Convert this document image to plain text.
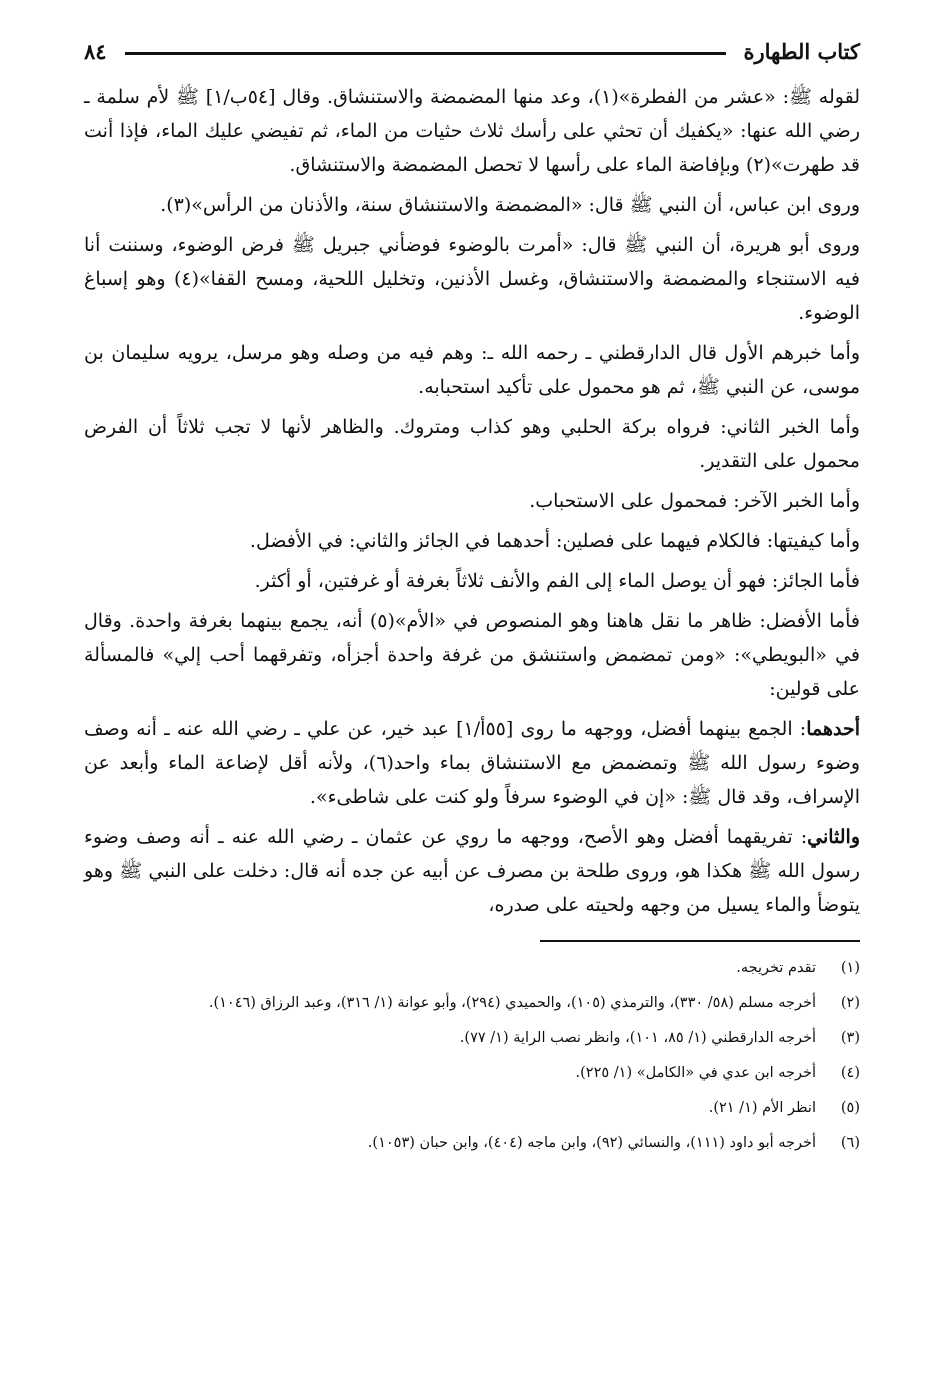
كتاب الطهارة
٨٤

لقوله ﷺ: «عشر من الفطرة»(١)، وعد منها المضمضة والاستنشاق. وقال [٥٤ب/١] ﷺ لأم سلمة ـ رضي الله عنها: «يكفيك أن تحثي على رأسك ثلاث حثيات من الماء، ثم تفيضي عليك الماء، فإذا أنت قد طهرت»(٢) وبإفاضة الماء على رأسها لا تحصل المضمضة والاستنشاق.

وروى ابن عباس، أن النبي ﷺ قال: «المضمضة والاستنشاق سنة، والأذنان من الرأس»(٣).

وروى أبو هريرة، أن النبي ﷺ قال: «أمرت بالوضوء فوضأني جبريل ﷺ فرض الوضوء، وسننت أنا فيه الاستنجاء والمضمضة والاستنشاق، وغسل الأذنين، وتخليل اللحية، ومسح القفا»(٤) وهو إسباغ الوضوء.

وأما خبرهم الأول قال الدارقطني ـ رحمه الله ـ: وهم فيه من وصله وهو مرسل، يرويه سليمان بن موسى، عن النبي ﷺ، ثم هو محمول على تأكيد استحبابه.

وأما الخبر الثاني: فرواه بركة الحلبي وهو كذاب ومتروك. والظاهر لأنها لا تجب ثلاثاً أن الفرض محمول على التقدير.

وأما الخبر الآخر: فمحمول على الاستحباب.

وأما كيفيتها: فالكلام فيهما على فصلين: أحدهما في الجائز والثاني: في الأفضل.

فأما الجائز: فهو أن يوصل الماء إلى الفم والأنف ثلاثاً بغرفة أو غرفتين، أو أكثر.

فأما الأفضل: ظاهر ما نقل هاهنا وهو المنصوص في «الأم»(٥) أنه، يجمع بينهما بغرفة واحدة. وقال في «البويطي»: «ومن تمضمض واستنشق من غرفة واحدة أجزأه، وتفرقهما أحب إلي» فالمسألة على قولين:

أحدهما: الجمع بينهما أفضل، ووجهه ما روى [٥٥أ/١] عبد خير، عن علي ـ رضي الله عنه ـ أنه وصف وضوء رسول الله ﷺ وتمضمض مع الاستنشاق بماء واحد(٦)، ولأنه أقل لإضاعة الماء وأبعد عن الإسراف، وقد قال ﷺ: «إن في الوضوء سرفاً ولو كنت على شاطىء».

والثاني: تفريقهما أفضل وهو الأصح، ووجهه ما روي عن عثمان ـ رضي الله عنه ـ أنه وصف وضوء رسول الله ﷺ هكذا هو، وروى طلحة بن مصرف عن أبيه عن جده أنه قال: دخلت على النبي ﷺ وهو يتوضأ والماء يسيل من وجهه ولحيته على صدره،

(١)
تقدم تخريجه.
(٢)
أخرجه مسلم (٥٨/ ٣٣٠)، والترمذي (١٠٥)، والحميدي (٢٩٤)، وأبو عوانة (١/ ٣١٦)، وعبد الرزاق (١٠٤٦).
(٣)
أخرجه الدارقطني (١/ ٨٥، ١٠١)، وانظر نصب الراية (١/ ٧٧).
(٤)
أخرجه ابن عدي في «الكامل» (١/ ٢٢٥).
(٥)
انظر الأم (١/ ٢١).
(٦)
أخرجه أبو داود (١١١)، والنسائي (٩٢)، وابن ماجه (٤٠٤)، وابن حبان (١٠٥٣).
